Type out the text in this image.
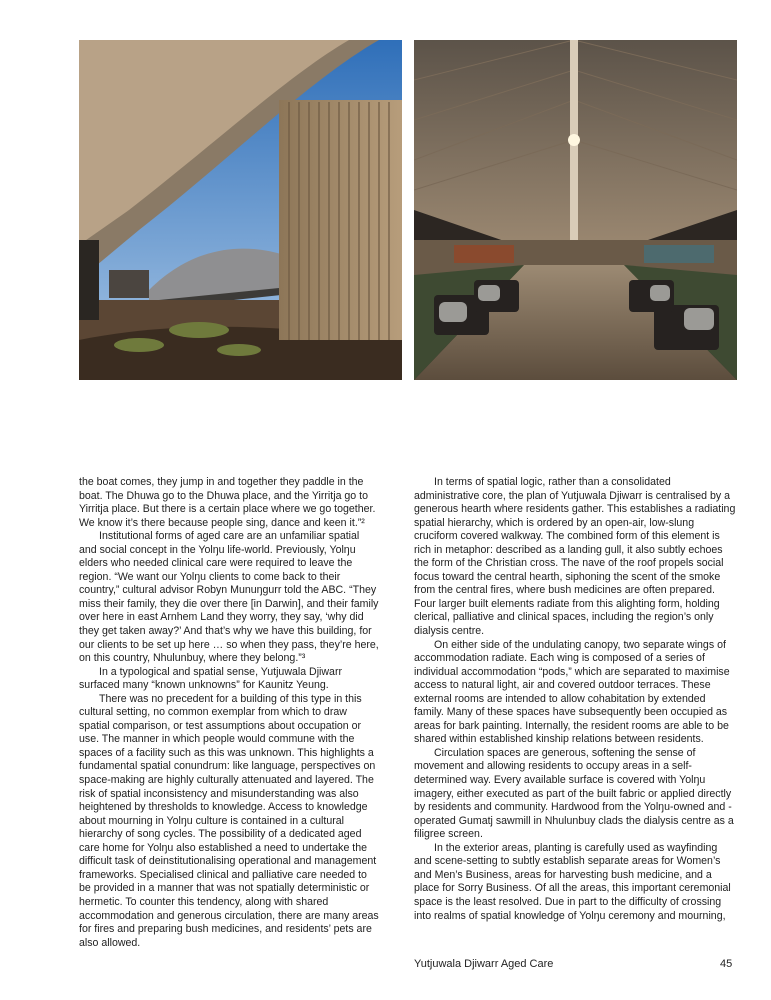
the boat comes, they jump in and together they paddle in the boat. The Dhuwa go to the Dhuwa place, and the Yirritja go to Yirritja place. But there is a certain place where we go together. We know it’s there because people sing, dance and keen it.”²

Institutional forms of aged care are an unfamiliar spatial and social concept in the Yolŋu life-world. Previously, Yolŋu elders who needed clinical care were required to leave the region. “We want our Yolŋu clients to come back to their country,” cultural advisor Robyn Munuŋgurr told the ABC. “They miss their family, they die over there [in Darwin], and their family over here in east Arnhem Land they worry, they say, ‘why did they get taken away?’ And that’s why we have this building, for our clients to be set up here … so when they pass, they’re here, on this country, Nhulunbuy, where they belong.”³

In a typological and spatial sense, Yutjuwala Djiwarr surfaced many “known unknowns” for Kaunitz Yeung.

There was no precedent for a building of this type in this cultural setting, no common exemplar from which to draw spatial comparison, or test assumptions about occupation or use. The manner in which people would commune with the spaces of a facility such as this was unknown. This highlights a fundamental spatial conundrum: like language, perspectives on space-making are highly culturally attenuated and layered. The risk of spatial inconsistency and misunderstanding was also heightened by thresholds to knowledge. Access to knowledge about mourning in Yolŋu culture is contained in a cultural hierarchy of song cycles. The possibility of a dedicated aged care home for Yolŋu also established a need to undertake the difficult task of deinstitutionalising operational and management frameworks. Specialised clinical and palliative care needed to be provided in a manner that was not spatially deterministic or hermetic. To counter this tendency, along with shared accommodation and generous circulation, there are many areas for fires and preparing bush medicines, and residents’ pets are also allowed.

In terms of spatial logic, rather than a consolidated administrative core, the plan of Yutjuwala Djiwarr is centralised by a generous hearth where residents gather. This establishes a radiating spatial hierarchy, which is ordered by an open-air, low-slung cruciform covered walkway. The combined form of this element is rich in metaphor: described as a landing gull, it also subtly echoes the form of the Christian cross. The nave of the roof propels social focus toward the central hearth, siphoning the scent of the smoke from the central fires, where bush medicines are often prepared. Four larger built elements radiate from this alighting form, holding clerical, palliative and clinical spaces, including the region’s only dialysis centre.

On either side of the undulating canopy, two separate wings of accommodation radiate. Each wing is composed of a series of individual accommodation “pods,” which are separated to maximise access to natural light, air and covered outdoor terraces. These external rooms are intended to allow cohabitation by extended family. Many of these spaces have subsequently been occupied as areas for bark painting. Internally, the resident rooms are able to be shared within established kinship relations between residents.

Circulation spaces are generous, softening the sense of movement and allowing residents to occupy areas in a self-determined way. Every available surface is covered with Yolŋu imagery, either executed as part of the built fabric or applied directly by residents and community. Hardwood from the Yolŋu-owned and -operated Gumatj sawmill in Nhulunbuy clads the dialysis centre as a filigree screen.

In the exterior areas, planting is carefully used as wayfinding and scene-setting to subtly establish separate areas for Women’s and Men’s Business, areas for harvesting bush medicine, and a place for Sorry Business. Of all the areas, this important ceremonial space is the least resolved. Due in part to the difficulty of crossing into realms of spatial knowledge of Yolŋu ceremony and mourning,

Yutjuwala Djiwarr Aged Care	45
